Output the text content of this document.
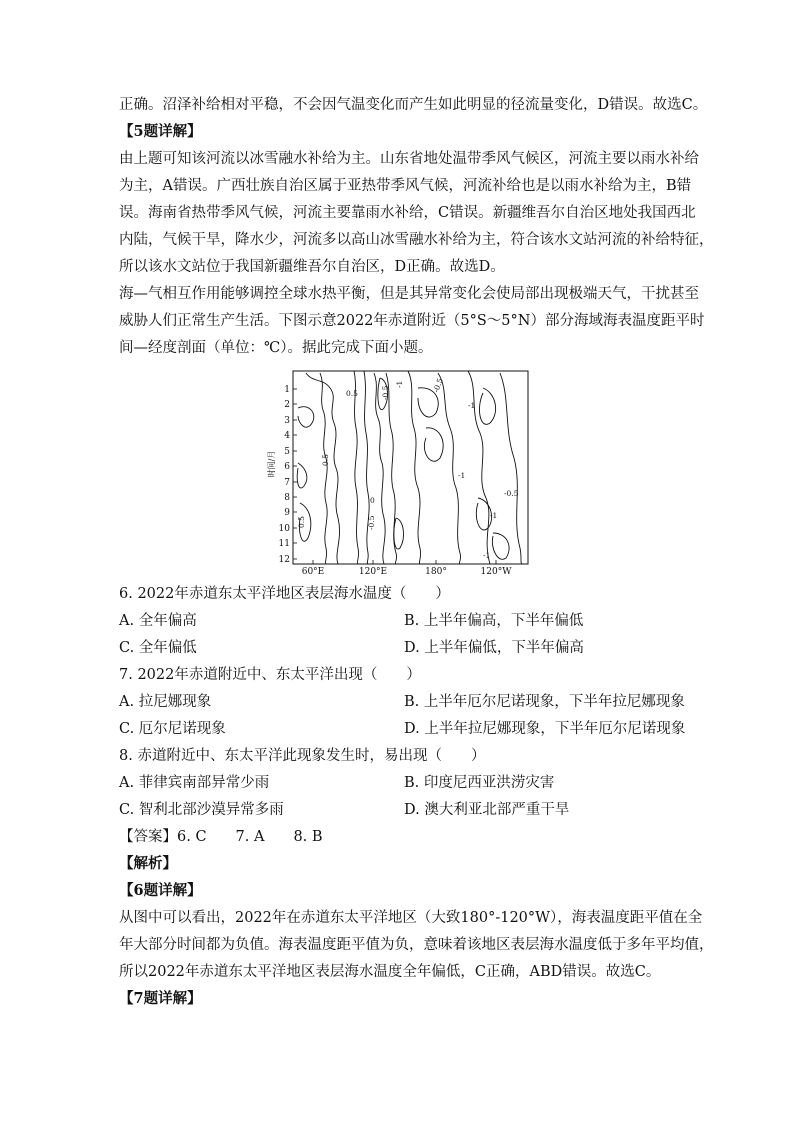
正确。沼泽补给相对平稳，不会因气温变化而产生如此明显的径流量变化，D错误。故选C。
【5题详解】
由上题可知该河流以冰雪融水补给为主。山东省地处温带季风气候区，河流主要以雨水补给
为主，A错误。广西壮族自治区属于亚热带季风气候，河流补给也是以雨水补给为主，B错
误。海南省热带季风气候，河流主要靠雨水补给，C错误。新疆维吾尔自治区地处我国西北
内陆，气候干旱，降水少，河流多以高山冰雪融水补给为主，符合该水文站河流的补给特征，
所以该水文站位于我国新疆维吾尔自治区，D正确。故选D。
海—气相互作用能够调控全球水热平衡，但是其异常变化会使局部出现极端天气，干扰甚至
威胁人们正常生产生活。下图示意2022年赤道附近（5°S～5°N）部分海域海表温度距平时
间—经度剖面（单位：℃）。据此完成下面小题。
时间/月
1
2
3
4
5
6
7
8
9
10
11
12
0.5
0.5
-0.5
-1
-1
-0.5
0
-1
-1
-0.5
-0.5
0.5
-1
60°E	120°E	180°	120°W
6. 2022年赤道东太平洋地区表层海水温度（　　）
A. 全年偏高	B. 上半年偏高，下半年偏低
C. 全年偏低	D. 上半年偏低，下半年偏高
7. 2022年赤道附近中、东太平洋出现（　　）
A. 拉尼娜现象	B. 上半年厄尔尼诺现象，下半年拉尼娜现象
C. 厄尔尼诺现象	D. 上半年拉尼娜现象，下半年厄尔尼诺现象
8. 赤道附近中、东太平洋此现象发生时，易出现（　　）
A. 菲律宾南部异常少雨	B. 印度尼西亚洪涝灾害
C. 智利北部沙漠异常多雨	D. 澳大利亚北部严重干旱
【答案】6. C　　7. A　　8. B
【解析】
【6题详解】
从图中可以看出，2022年在赤道东太平洋地区（大致180°-120°W），海表温度距平值在全
年大部分时间都为负值。海表温度距平值为负，意味着该地区表层海水温度低于多年平均值，
所以2022年赤道东太平洋地区表层海水温度全年偏低，C正确，ABD错误。故选C。
【7题详解】
